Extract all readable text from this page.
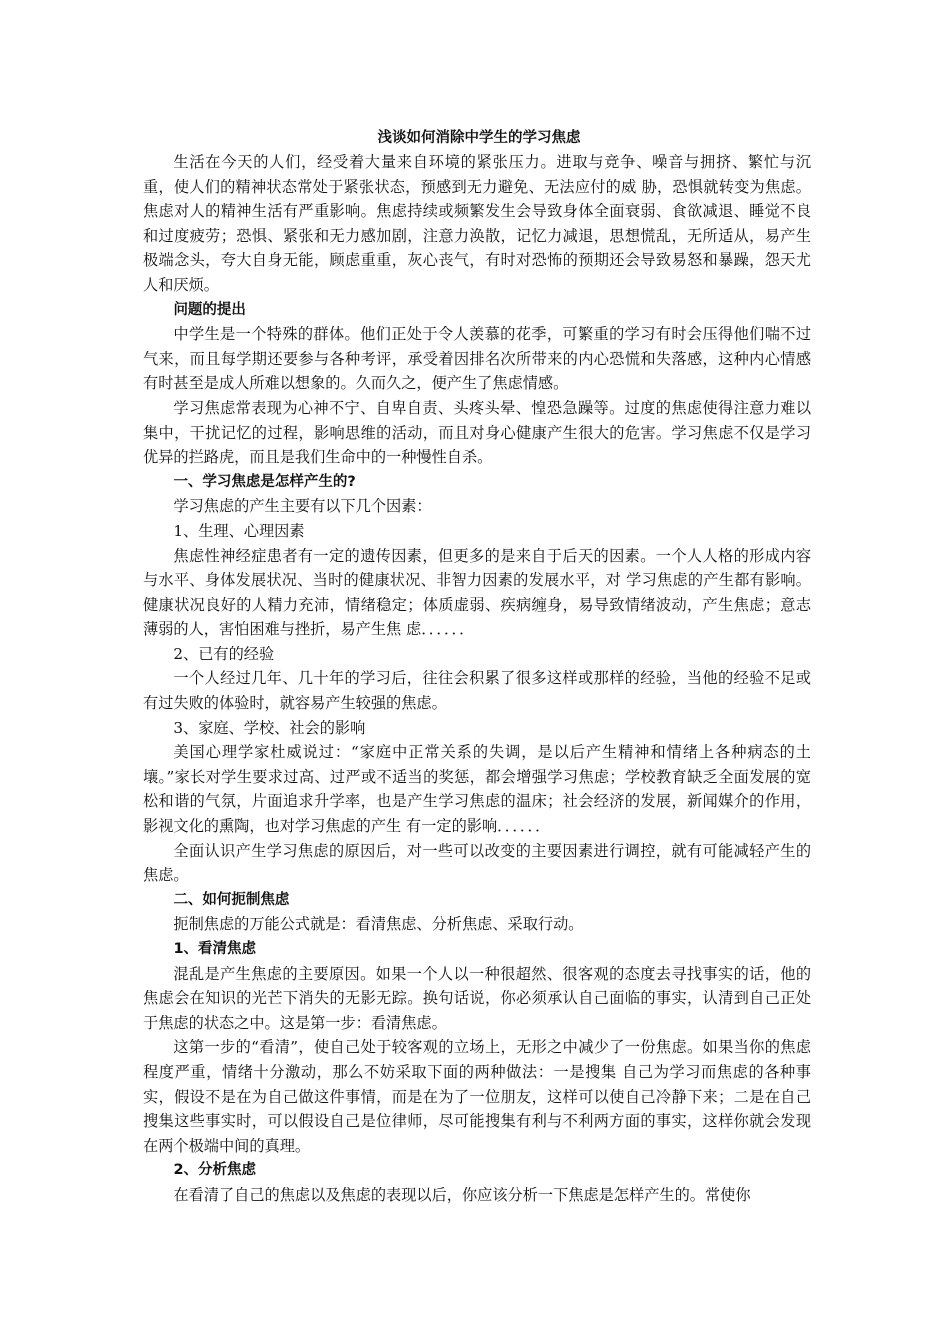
浅谈如何消除中学生的学习焦虑

生活在今天的人们，经受着大量来自环境的紧张压力。进取与竞争、噪音与拥挤、繁忙与沉重，使人们的精神状态常处于紧张状态，预感到无力避免、无法应付的威 胁，恐惧就转变为焦虑。焦虑对人的精神生活有严重影响。焦虑持续或频繁发生会导致身体全面衰弱、食欲减退、睡觉不良和过度疲劳；恐惧、紧张和无力感加剧，注意力涣散，记忆力减退，思想慌乱，无所适从，易产生极端念头，夸大自身无能，顾虑重重，灰心丧气，有时对恐怖的预期还会导致易怒和暴躁，怨天尤人和厌烦。

问题的提出

中学生是一个特殊的群体。他们正处于令人羡慕的花季，可繁重的学习有时会压得他们喘不过气来，而且每学期还要参与各种考评，承受着因排名次所带来的内心恐慌和失落感，这种内心情感有时甚至是成人所难以想象的。久而久之，便产生了焦虑情感。

学习焦虑常表现为心神不宁、自卑自责、头疼头晕、惶恐急躁等。过度的焦虑使得注意力难以集中，干扰记忆的过程，影响思维的活动，而且对身心健康产生很大的危害。学习焦虑不仅是学习优异的拦路虎，而且是我们生命中的一种慢性自杀。

一、学习焦虑是怎样产生的?

学习焦虑的产生主要有以下几个因素：

1、生理、心理因素

焦虑性神经症患者有一定的遗传因素，但更多的是来自于后天的因素。一个人人格的形成内容与水平、身体发展状况、当时的健康状况、非智力因素的发展水平，对 学习焦虑的产生都有影响。健康状况良好的人精力充沛，情绪稳定；体质虚弱、疾病缠身，易导致情绪波动，产生焦虑；意志薄弱的人，害怕困难与挫折，易产生焦 虑．．．．．．

2、已有的经验

一个人经过几年、几十年的学习后，往往会积累了很多这样或那样的经验，当他的经验不足或有过失败的体验时，就容易产生较强的焦虑。

3、家庭、学校、社会的影响

美国心理学家杜威说过：“家庭中正常关系的失调，是以后产生精神和情绪上各种病态的土壤。”家长对学生要求过高、过严或不适当的奖惩，都会增强学习焦虑；学校教育缺乏全面发展的宽松和谐的气氛，片面追求升学率，也是产生学习焦虑的温床；社会经济的发展，新闻媒介的作用，影视文化的熏陶，也对学习焦虑的产生 有一定的影响．．．．．．

全面认识产生学习焦虑的原因后，对一些可以改变的主要因素进行调控，就有可能减轻产生的焦虑。

二、如何扼制焦虑

扼制焦虑的万能公式就是：看清焦虑、分析焦虑、采取行动。

1、看清焦虑

混乱是产生焦虑的主要原因。如果一个人以一种很超然、很客观的态度去寻找事实的话，他的焦虑会在知识的光芒下消失的无影无踪。换句话说，你必须承认自己面临的事实，认清到自己正处于焦虑的状态之中。这是第一步：看清焦虑。

这第一步的“看清”，使自己处于较客观的立场上，无形之中减少了一份焦虑。如果当你的焦虑程度严重，情绪十分激动，那么不妨采取下面的两种做法：一是搜集 自己为学习而焦虑的各种事实，假设不是在为自己做这件事情，而是在为了一位朋友，这样可以使自己冷静下来；二是在自己搜集这些事实时，可以假设自己是位律师，尽可能搜集有利与不利两方面的事实，这样你就会发现在两个极端中间的真理。

2、分析焦虑

在看清了自己的焦虑以及焦虑的表现以后，你应该分析一下焦虑是怎样产生的。常使你
